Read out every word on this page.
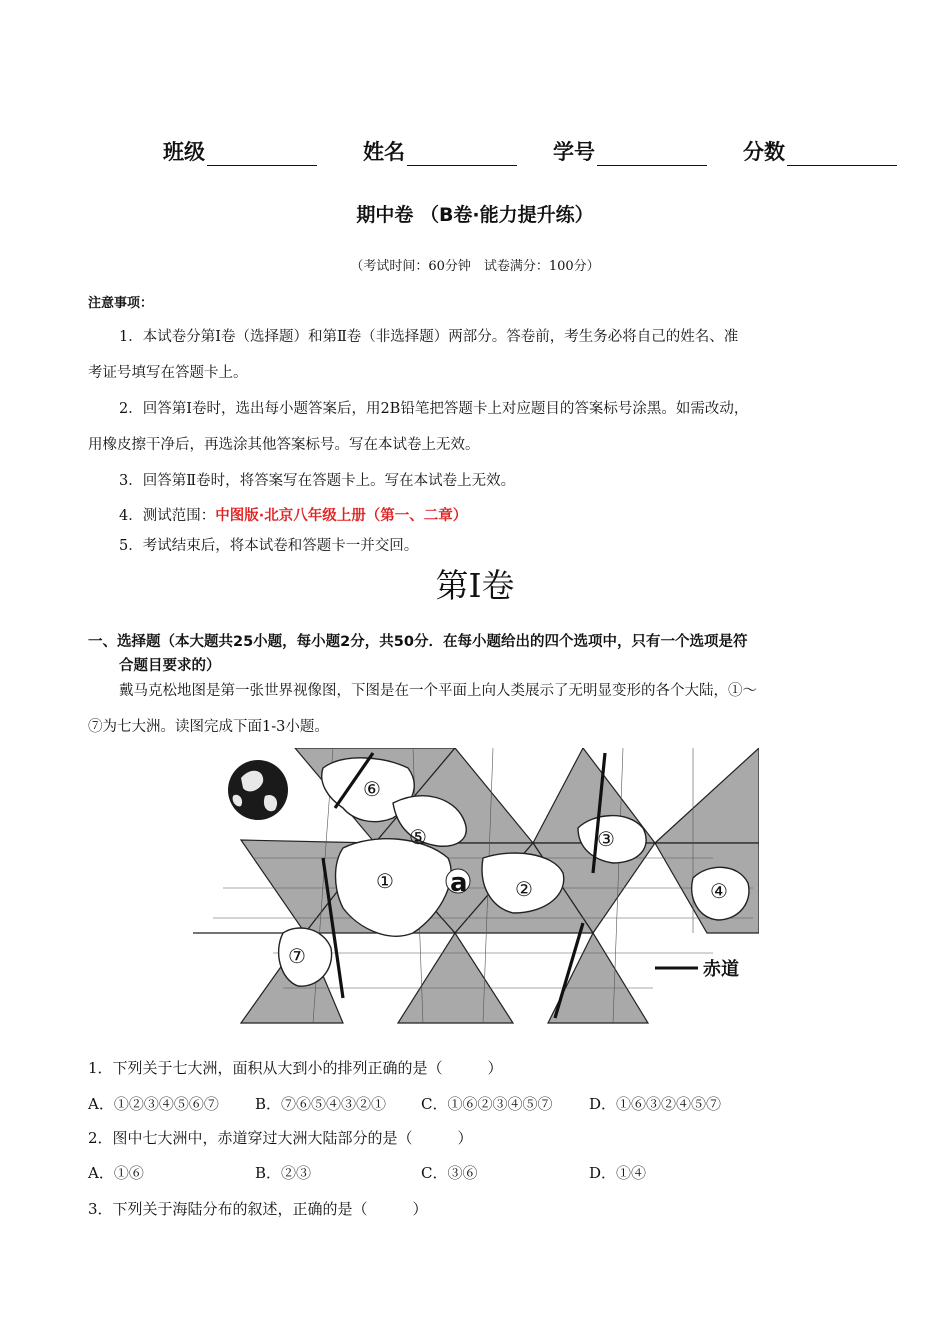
班级	姓名	学号	分数
期中卷 （B卷·能力提升练）
（考试时间：60分钟　试卷满分：100分）
注意事项：
1．本试卷分第Ⅰ卷（选择题）和第Ⅱ卷（非选择题）两部分。答卷前，考生务必将自己的姓名、准
考证号填写在答题卡上。
2．回答第Ⅰ卷时，选出每小题答案后，用2B铅笔把答题卡上对应题目的答案标号涂黑。如需改动，
用橡皮擦干净后，再选涂其他答案标号。写在本试卷上无效。
3．回答第Ⅱ卷时，将答案写在答题卡上。写在本试卷上无效。
4．测试范围：中图版·北京八年级上册（第一、二章）
5．考试结束后，将本试卷和答题卡一并交回。
第Ⅰ卷
一、选择题（本大题共25小题，每小题2分，共50分．在每小题给出的四个选项中，只有一个选项是符
合题目要求的）
戴马克松地图是第一张世界视像图，下图是在一个平面上向人类展示了无明显变形的各个大陆，①～
⑦为七大洲。读图完成下面1-3小题。
a
①	②
③
④
⑤
⑥
⑦
赤道
1．下列关于七大洲，面积从大到小的排列正确的是（　　　）
A．①②③④⑤⑥⑦ B．⑦⑥⑤④③②① C．①⑥②③④⑤⑦ D．①⑥③②④⑤⑦
2．图中七大洲中，赤道穿过大洲大陆部分的是（　　　）
A．①⑥	B．②③	C．③⑥	D．①④
3．下列关于海陆分布的叙述，正确的是（　　　）
